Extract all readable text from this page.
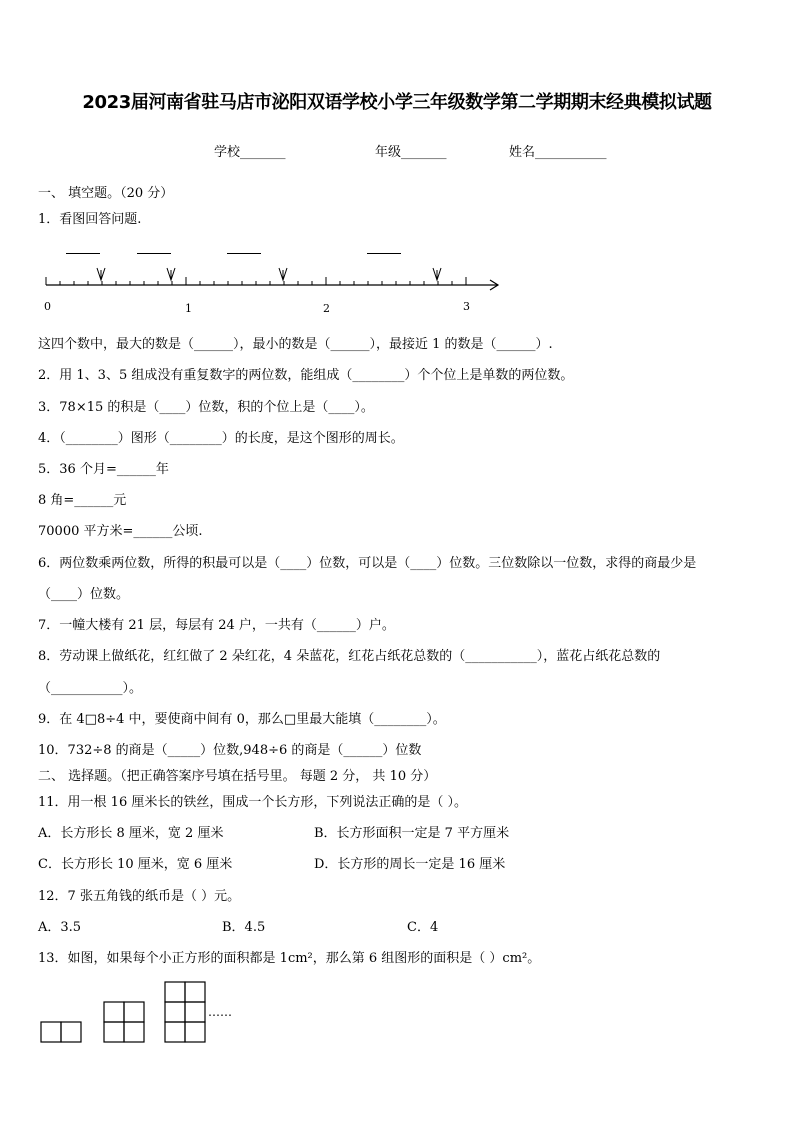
2023届河南省驻马店市泌阳双语学校小学三年级数学第二学期期末经典模拟试题
学校_______	年级_______	姓名___________
一、 填空题。（20 分）
1．看图回答问题.
0	1	2	3
这四个数中，最大的数是（______），最小的数是（______），最接近 1 的数是（______）.
2．用 1、3、5 组成没有重复数字的两位数，能组成（________）个个位上是单数的两位数。
3．78×15 的积是（____）位数，积的个位上是（____）。
4．（________）图形（________）的长度，是这个图形的周长。
5．36 个月=______年
8 角=______元
70000 平方米=______公顷.
6．两位数乘两位数，所得的积最可以是（____）位数，可以是（____）位数。三位数除以一位数，求得的商最少是
（____）位数。
7．一幢大楼有 21 层，每层有 24 户，一共有（______）户。
8．劳动课上做纸花，红红做了 2 朵红花，4 朵蓝花，红花占纸花总数的（___________），蓝花占纸花总数的
（___________）。
9．在 4□8÷4 中，要使商中间有 0，那么□里最大能填（________）。
10．732÷8 的商是（_____）位数,948÷6 的商是（______）位数
二、 选择题。（把正确答案序号填在括号里。 每题 2 分， 共 10 分）
11．用一根 16 厘米长的铁丝，围成一个长方形，下列说法正确的是（ ）。
A．长方形长 8 厘米，宽 2 厘米	B．长方形面积一定是 7 平方厘米
C．长方形长 10 厘米，宽 6 厘米	D．长方形的周长一定是 16 厘米
12．7 张五角钱的纸币是（ ）元。
A．3.5	B．4.5	C．4
13．如图，如果每个小正方形的面积都是 1cm²，那么第 6 组图形的面积是（ ）cm²。
……
